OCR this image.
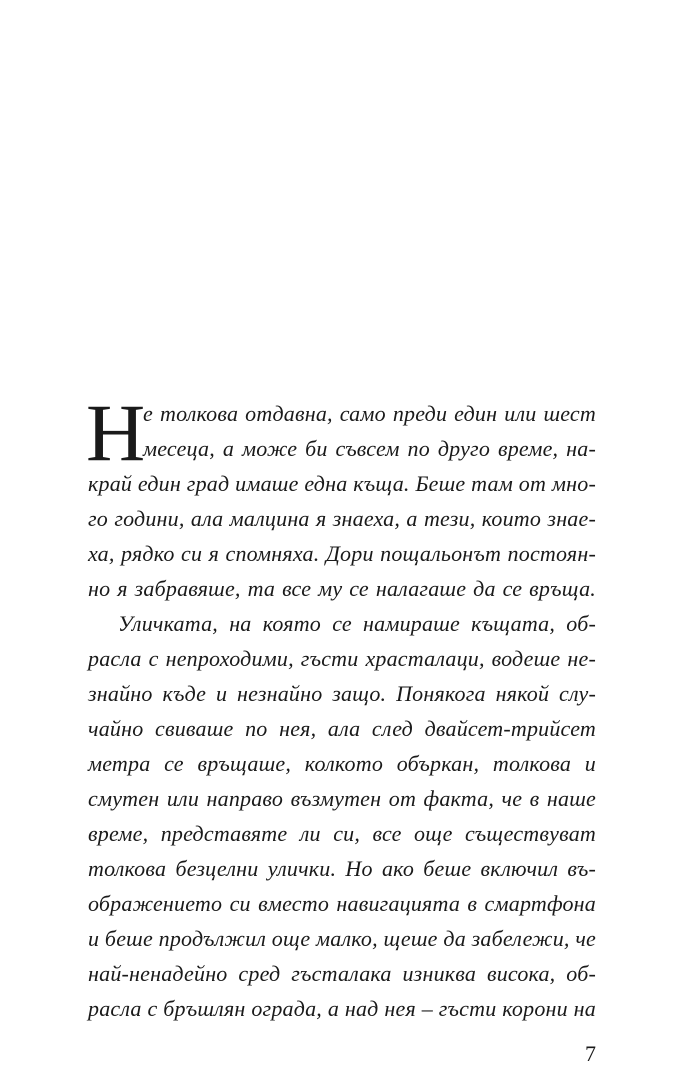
Н
е толкова отдавна, само преди един или шест
месеца, а може би съвсем по друго време, на-
край един град имаше една къща. Беше там от мно-
го години, ала малцина я знаеха, а тези, които знае-
ха, рядко си я спомняха. Дори пощальонът постоян-
но я забравяше, та все му се налагаше да се връща.
Уличката, на която се намираше къщата, об-
расла с непроходими, гъсти храсталаци, водеше не-
знайно къде и незнайно защо. Понякога някой слу-
чайно свиваше по нея, ала след двайсет-трийсет
метра се връщаше, колкото объркан, толкова и
смутен или направо възмутен от факта, че в наше
време, представяте ли си, все още съществуват
толкова безцелни улички. Но ако беше включил въ-
ображението си вместо навигацията в смартфона
и беше продължил още малко, щеше да забележи, че
най-ненадейно сред гъсталака изниква висока, об-
расла с бръшлян ограда, а над нея – гъсти корони на
7
